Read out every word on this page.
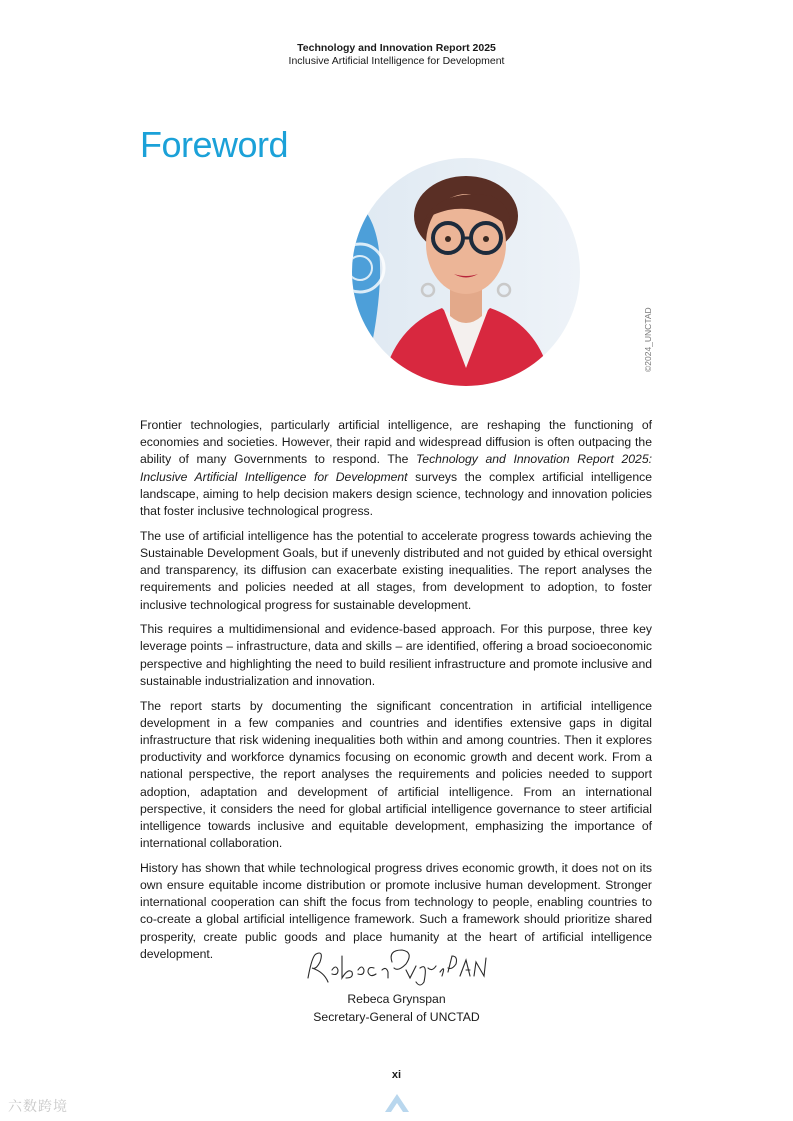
Technology and Innovation Report 2025
Inclusive Artificial Intelligence for Development
Foreword
©2024_UNCTAD

Frontier technologies, particularly artificial intelligence, are reshaping the functioning of economies and societies. However, their rapid and widespread diffusion is often outpacing the ability of many Governments to respond. The Technology and Innovation Report 2025: Inclusive Artificial Intelligence for Development surveys the complex artificial intelligence landscape, aiming to help decision makers design science, technology and innovation policies that foster inclusive technological progress.

The use of artificial intelligence has the potential to accelerate progress towards achieving the Sustainable Development Goals, but if unevenly distributed and not guided by ethical oversight and transparency, its diffusion can exacerbate existing inequalities. The report analyses the requirements and policies needed at all stages, from development to adoption, to foster inclusive technological progress for sustainable development.

This requires a multidimensional and evidence-based approach. For this purpose, three key leverage points – infrastructure, data and skills – are identified, offering a broad socioeconomic perspective and highlighting the need to build resilient infrastructure and promote inclusive and sustainable industrialization and innovation.

The report starts by documenting the significant concentration in artificial intelligence development in a few companies and countries and identifies extensive gaps in digital infrastructure that risk widening inequalities both within and among countries. Then it explores productivity and workforce dynamics focusing on economic growth and decent work. From a national perspective, the report analyses the requirements and policies needed to support adoption, adaptation and development of artificial intelligence. From an international perspective, it considers the need for global artificial intelligence governance to steer artificial intelligence towards inclusive and equitable development, emphasizing the importance of international collaboration.

History has shown that while technological progress drives economic growth, it does not on its own ensure equitable income distribution or promote inclusive human development. Stronger international cooperation can shift the focus from technology to people, enabling countries to co-create a global artificial intelligence framework. Such a framework should prioritize shared prosperity, create public goods and place humanity at the heart of artificial intelligence development.

Rebeca Grynspan
Secretary-General of UNCTAD
xi
六数跨境
